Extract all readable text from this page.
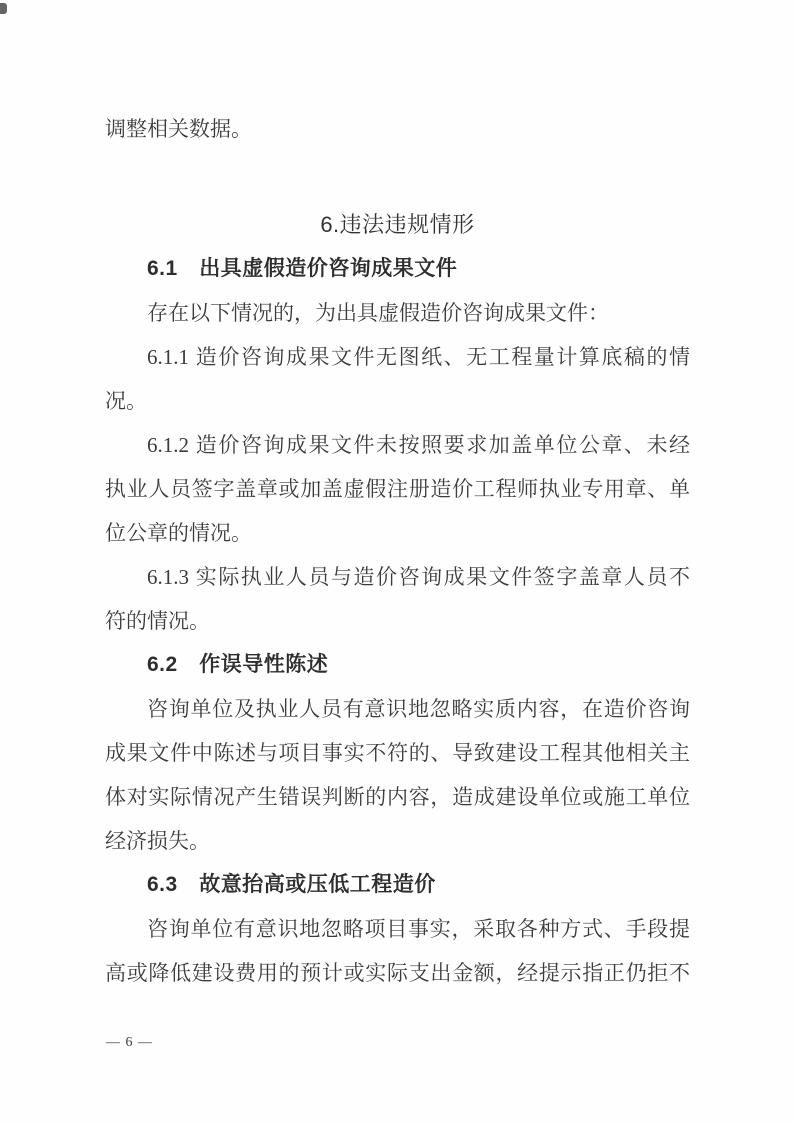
调整相关数据。

6.违法违规情形
6.1　出具虚假造价咨询成果文件

存在以下情况的，为出具虚假造价咨询成果文件：

6.1.1 造价咨询成果文件无图纸、无工程量计算底稿的情

况。

6.1.2 造价咨询成果文件未按照要求加盖单位公章、未经

执业人员签字盖章或加盖虚假注册造价工程师执业专用章、单

位公章的情况。

6.1.3 实际执业人员与造价咨询成果文件签字盖章人员不

符的情况。

6.2　作误导性陈述

咨询单位及执业人员有意识地忽略实质内容，在造价咨询

成果文件中陈述与项目事实不符的、导致建设工程其他相关主

体对实际情况产生错误判断的内容，造成建设单位或施工单位

经济损失。

6.3　故意抬高或压低工程造价

咨询单位有意识地忽略项目事实，采取各种方式、手段提

高或降低建设费用的预计或实际支出金额，经提示指正仍拒不

— 6 —
